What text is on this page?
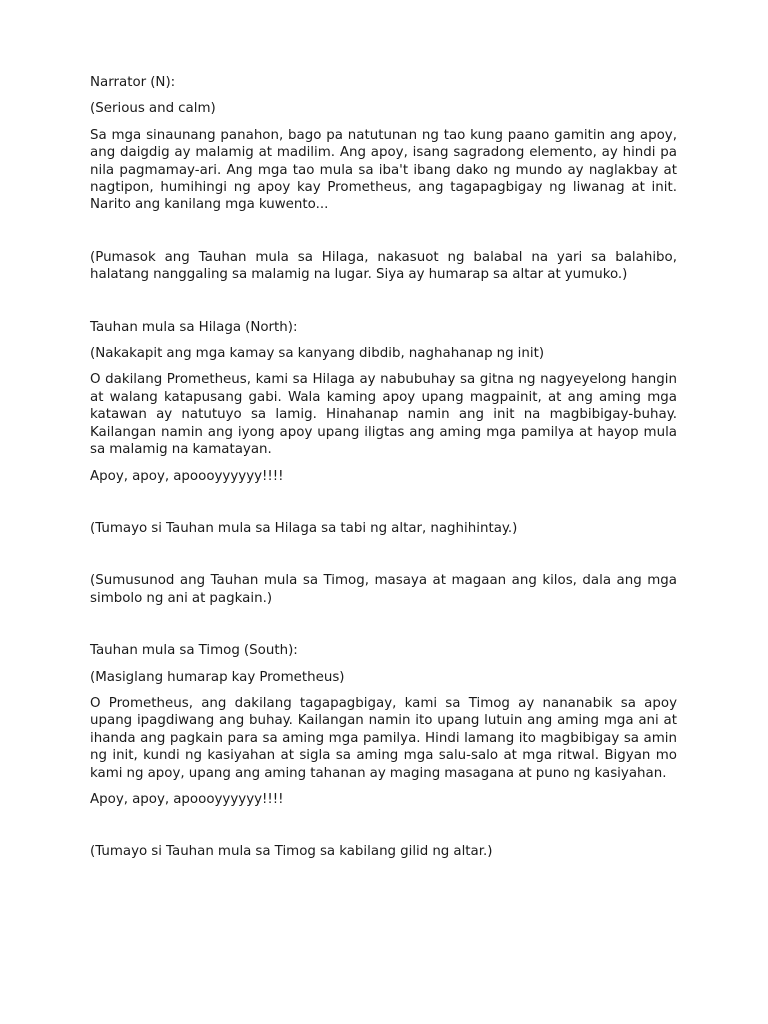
Narrator (N):

(Serious and calm)

Sa mga sinaunang panahon, bago pa natutunan ng tao kung paano gamitin ang apoy, ang daigdig ay malamig at madilim. Ang apoy, isang sagradong elemento, ay hindi pa nila pagmamay-ari. Ang mga tao mula sa iba't ibang dako ng mundo ay naglakbay at nagtipon, humihingi ng apoy kay Prometheus, ang tagapagbigay ng liwanag at init. Narito ang kanilang mga kuwento...

(Pumasok ang Tauhan mula sa Hilaga, nakasuot ng balabal na yari sa balahibo, halatang nanggaling sa malamig na lugar. Siya ay humarap sa altar at yumuko.)

Tauhan mula sa Hilaga (North):

(Nakakapit ang mga kamay sa kanyang dibdib, naghahanap ng init)

O dakilang Prometheus, kami sa Hilaga ay nabubuhay sa gitna ng nagyeyelong hangin at walang katapusang gabi. Wala kaming apoy upang magpainit, at ang aming mga katawan ay natutuyo sa lamig. Hinahanap namin ang init na magbibigay-buhay. Kailangan namin ang iyong apoy upang iligtas ang aming mga pamilya at hayop mula sa malamig na kamatayan.

Apoy, apoy, apoooyyyyyy!!!!

(Tumayo si Tauhan mula sa Hilaga sa tabi ng altar, naghihintay.)

(Sumusunod ang Tauhan mula sa Timog, masaya at magaan ang kilos, dala ang mga simbolo ng ani at pagkain.)

Tauhan mula sa Timog (South):

(Masiglang humarap kay Prometheus)

O Prometheus, ang dakilang tagapagbigay, kami sa Timog ay nananabik sa apoy upang ipagdiwang ang buhay. Kailangan namin ito upang lutuin ang aming mga ani at ihanda ang pagkain para sa aming mga pamilya. Hindi lamang ito magbibigay sa amin ng init, kundi ng kasiyahan at sigla sa aming mga salu-salo at mga ritwal. Bigyan mo kami ng apoy, upang ang aming tahanan ay maging masagana at puno ng kasiyahan.

Apoy, apoy, apoooyyyyyy!!!!

(Tumayo si Tauhan mula sa Timog sa kabilang gilid ng altar.)
